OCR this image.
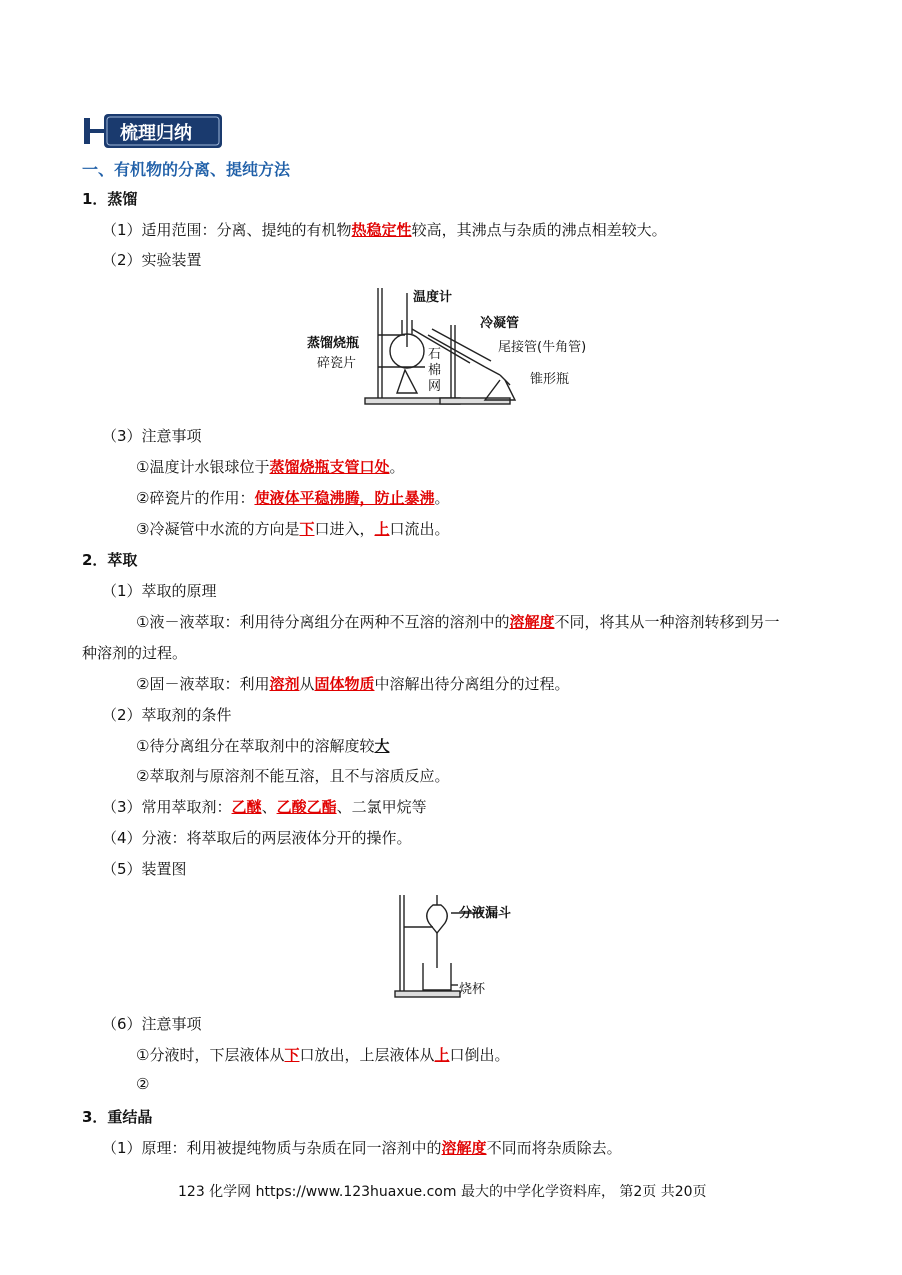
梳理归纳
一、有机物的分离、提纯方法
1．蒸馏
（1）适用范围：分离、提纯的有机物热稳定性较高，其沸点与杂质的沸点相差较大。
（2）实验装置
温度计
冷凝管
蒸馏烧瓶	尾接管(牛角管)
碎瓷片
石
棉
网	锥形瓶
（3）注意事项
①温度计水银球位于蒸馏烧瓶支管口处。
②碎瓷片的作用：使液体平稳沸腾，防止暴沸。
③冷凝管中水流的方向是下口进入，上口流出。
2．萃取
（1）萃取的原理
①液－液萃取：利用待分离组分在两种不互溶的溶剂中的溶解度不同，将其从一种溶剂转移到另一
种溶剂的过程。
②固－液萃取：利用溶剂从固体物质中溶解出待分离组分的过程。
（2）萃取剂的条件
①待分离组分在萃取剂中的溶解度较大
②萃取剂与原溶剂不能互溶，且不与溶质反应。
（3）常用萃取剂：乙醚、乙酸乙酯、二氯甲烷等
（4）分液：将萃取后的两层液体分开的操作。
（5）装置图
分液漏斗
烧杯
（6）注意事项
①分液时，下层液体从下口放出，上层液体从上口倒出。
②
3．重结晶
（1）原理：利用被提纯物质与杂质在同一溶剂中的溶解度不同而将杂质除去。
123 化学网 https://www.123huaxue.com 最大的中学化学资料库， 第2页 共20页
